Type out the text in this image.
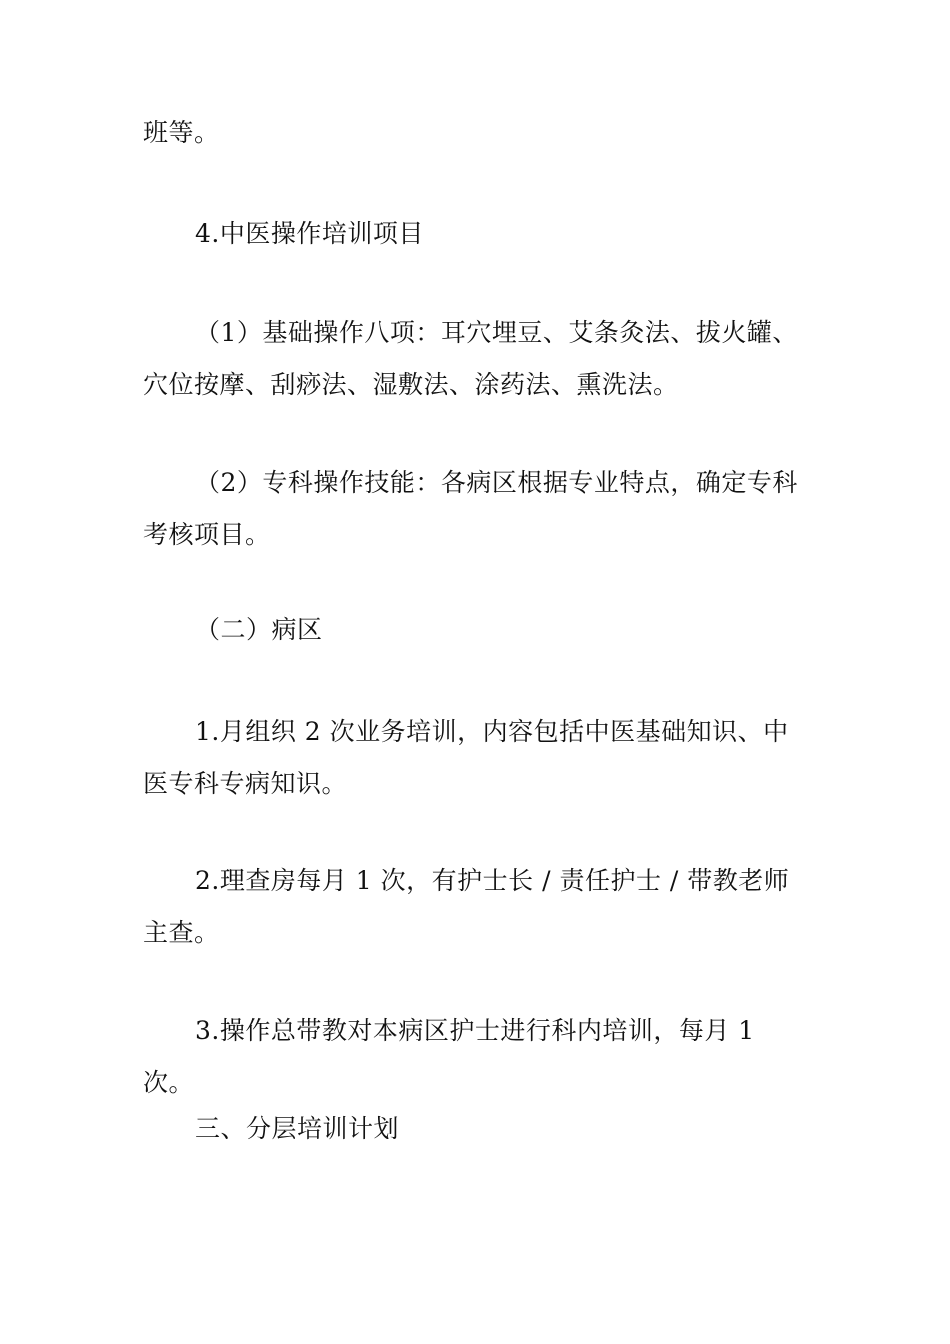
班等。

4.中医操作培训项目

（1）基础操作八项：耳穴埋豆、艾条灸法、拔火罐、穴位按摩、刮痧法、湿敷法、涂药法、熏洗法。

（2）专科操作技能：各病区根据专业特点，确定专科考核项目。

（二）病区

1.月组织 2 次业务培训，内容包括中医基础知识、中医专科专病知识。

2.理查房每月 1 次，有护士长 / 责任护士 / 带教老师主查。

3.操作总带教对本病区护士进行科内培训，每月 1 次。

三、分层培训计划
